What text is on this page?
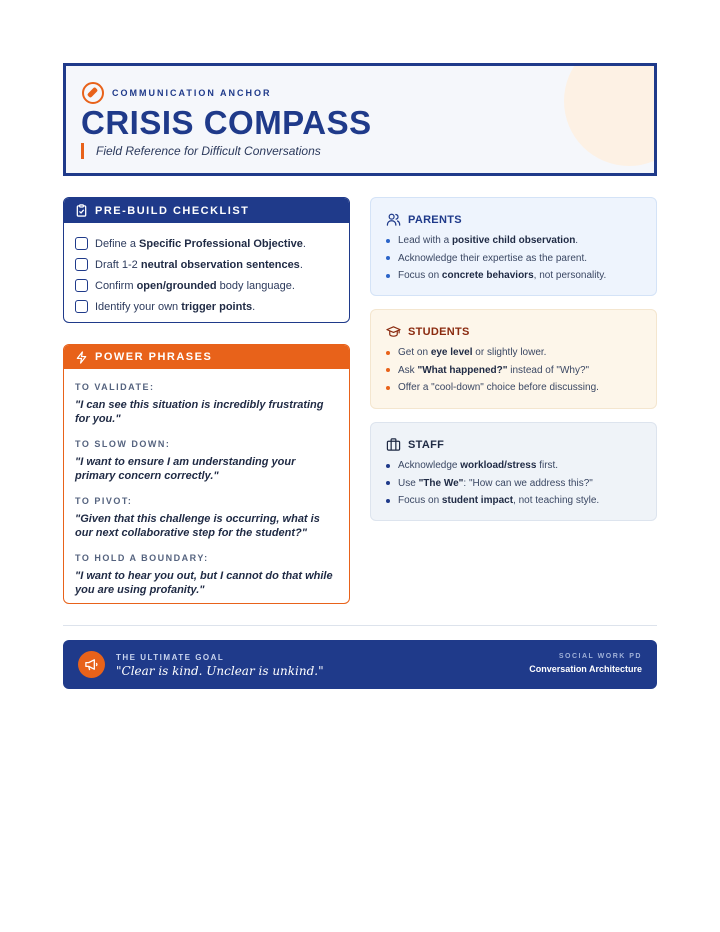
COMMUNICATION ANCHOR
CRISIS COMPASS
Field Reference for Difficult Conversations
PRE-BUILD CHECKLIST
Define a Specific Professional Objective.
Draft 1-2 neutral observation sentences.
Confirm open/grounded body language.
Identify your own trigger points.
POWER PHRASES
TO VALIDATE:
"I can see this situation is incredibly frustrating for you."
TO SLOW DOWN:
"I want to ensure I am understanding your primary concern correctly."
TO PIVOT:
"Given that this challenge is occurring, what is our next collaborative step for the student?"
TO HOLD A BOUNDARY:
"I want to hear you out, but I cannot do that while you are using profanity."
PARENTS
Lead with a positive child observation.
Acknowledge their expertise as the parent.
Focus on concrete behaviors, not personality.
STUDENTS
Get on eye level or slightly lower.
Ask "What happened?" instead of "Why?"
Offer a "cool-down" choice before discussing.
STAFF
Acknowledge workload/stress first.
Use "The We": "How can we address this?"
Focus on student impact, not teaching style.
THE ULTIMATE GOAL
"Clear is kind. Unclear is unkind."
SOCIAL WORK PD
Conversation Architecture
